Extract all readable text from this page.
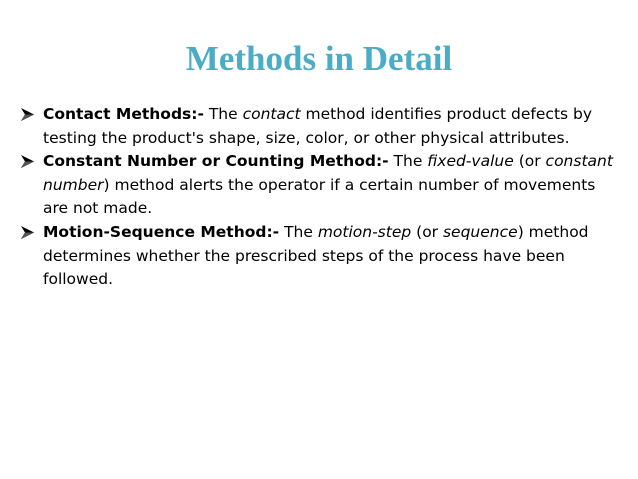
Methods in Detail
Contact Methods:- The contact method identifies product defects by testing the product's shape, size, color, or other physical attributes.
Constant Number or Counting Method:- The fixed-value (or constant number) method alerts the operator if a certain number of movements are not made.
Motion-Sequence Method:- The motion-step (or sequence) method determines whether the prescribed steps of the process have been followed.
